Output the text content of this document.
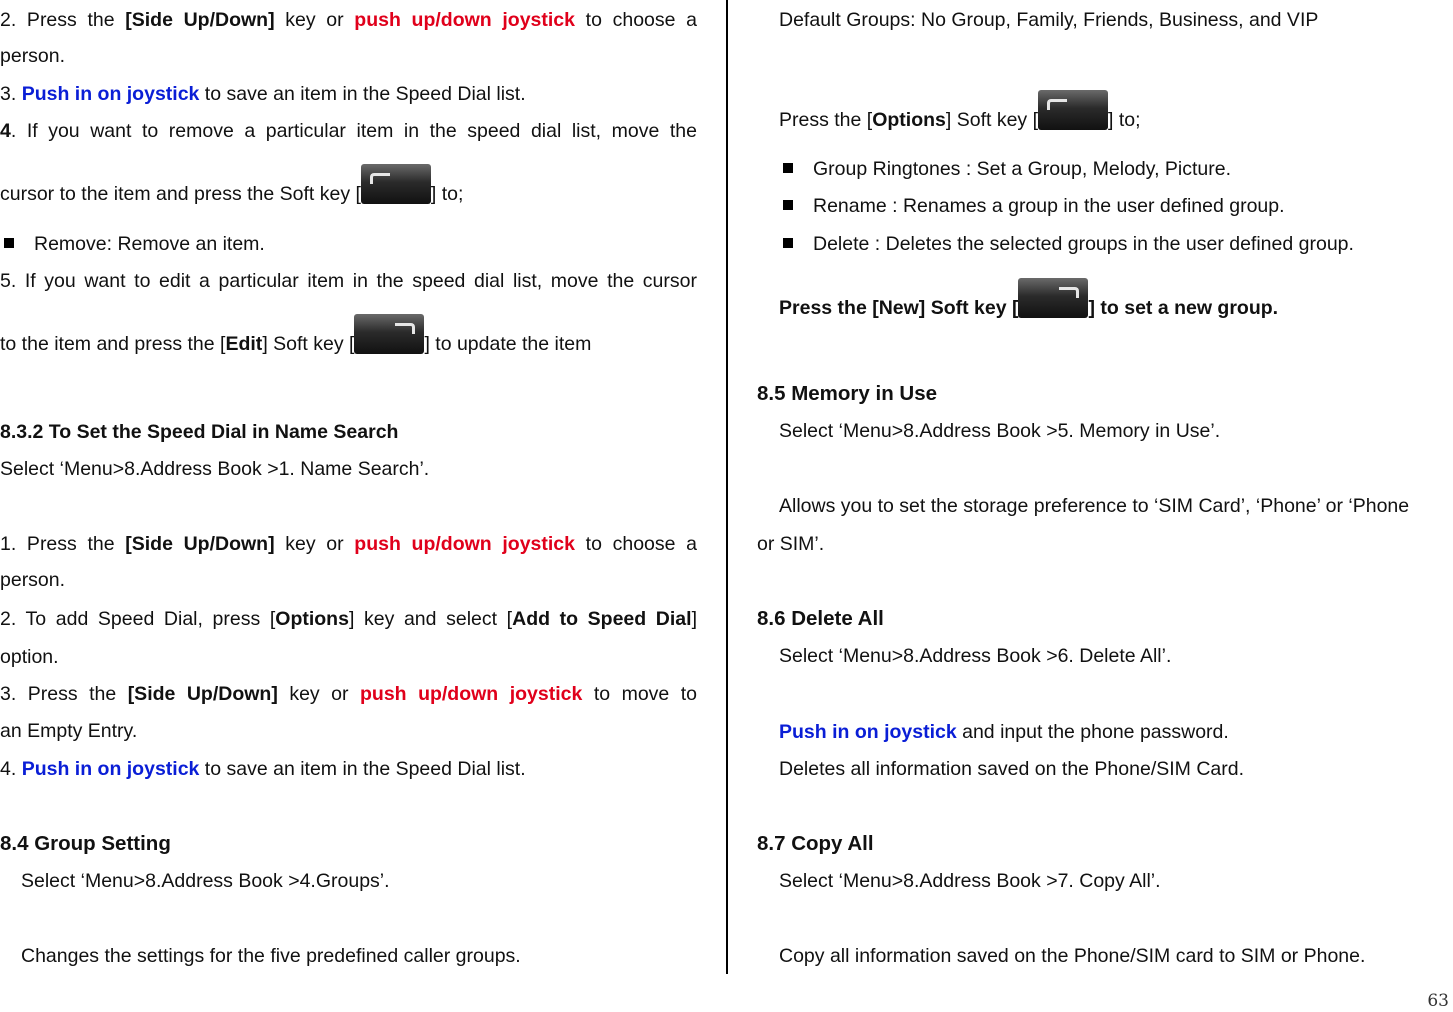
2. Press the [Side Up/Down] key or push up/down joystick to choose a
person.
3. Push in on joystick to save an item in the Speed Dial list.
4. If you want to remove a particular item in the speed dial list, move the
cursor to the item and press the Soft key [	] to;
Remove: Remove an item.
5. If you want to edit a particular item in the speed dial list, move the cursor
to the item and press the [Edit] Soft key [	] to update the item
8.3.2 To Set the Speed Dial in Name Search
Select ‘Menu>8.Address Book >1. Name Search’.
1. Press the [Side Up/Down] key or push up/down joystick to choose a
person.
2. To add Speed Dial, press [Options] key and select [Add to Speed Dial]
option.
3. Press the [Side Up/Down] key or push up/down joystick to move to
an Empty Entry.
4. Push in on joystick to save an item in the Speed Dial list.
8.4 Group Setting
Select ‘Menu>8.Address Book >4.Groups’.
Changes the settings for the five predefined caller groups.
Default Groups: No Group, Family, Friends, Business, and VIP
Press the [Options] Soft key [	] to;
Group Ringtones : Set a Group, Melody, Picture.
Rename : Renames a group in the user defined group.
Delete : Deletes the selected groups in the user defined group.
Press the [New] Soft key [	] to set a new group.
8.5 Memory in Use
Select ‘Menu>8.Address Book >5. Memory in Use’.
Allows you to set the storage preference to ‘SIM Card’, ‘Phone’ or ‘Phone
or SIM’.
8.6 Delete All
Select ‘Menu>8.Address Book >6. Delete All’.
Push in on joystick and input the phone password.
Deletes all information saved on the Phone/SIM Card.
8.7 Copy All
Select ‘Menu>8.Address Book >7. Copy All’.
Copy all information saved on the Phone/SIM card to SIM or Phone.
63
